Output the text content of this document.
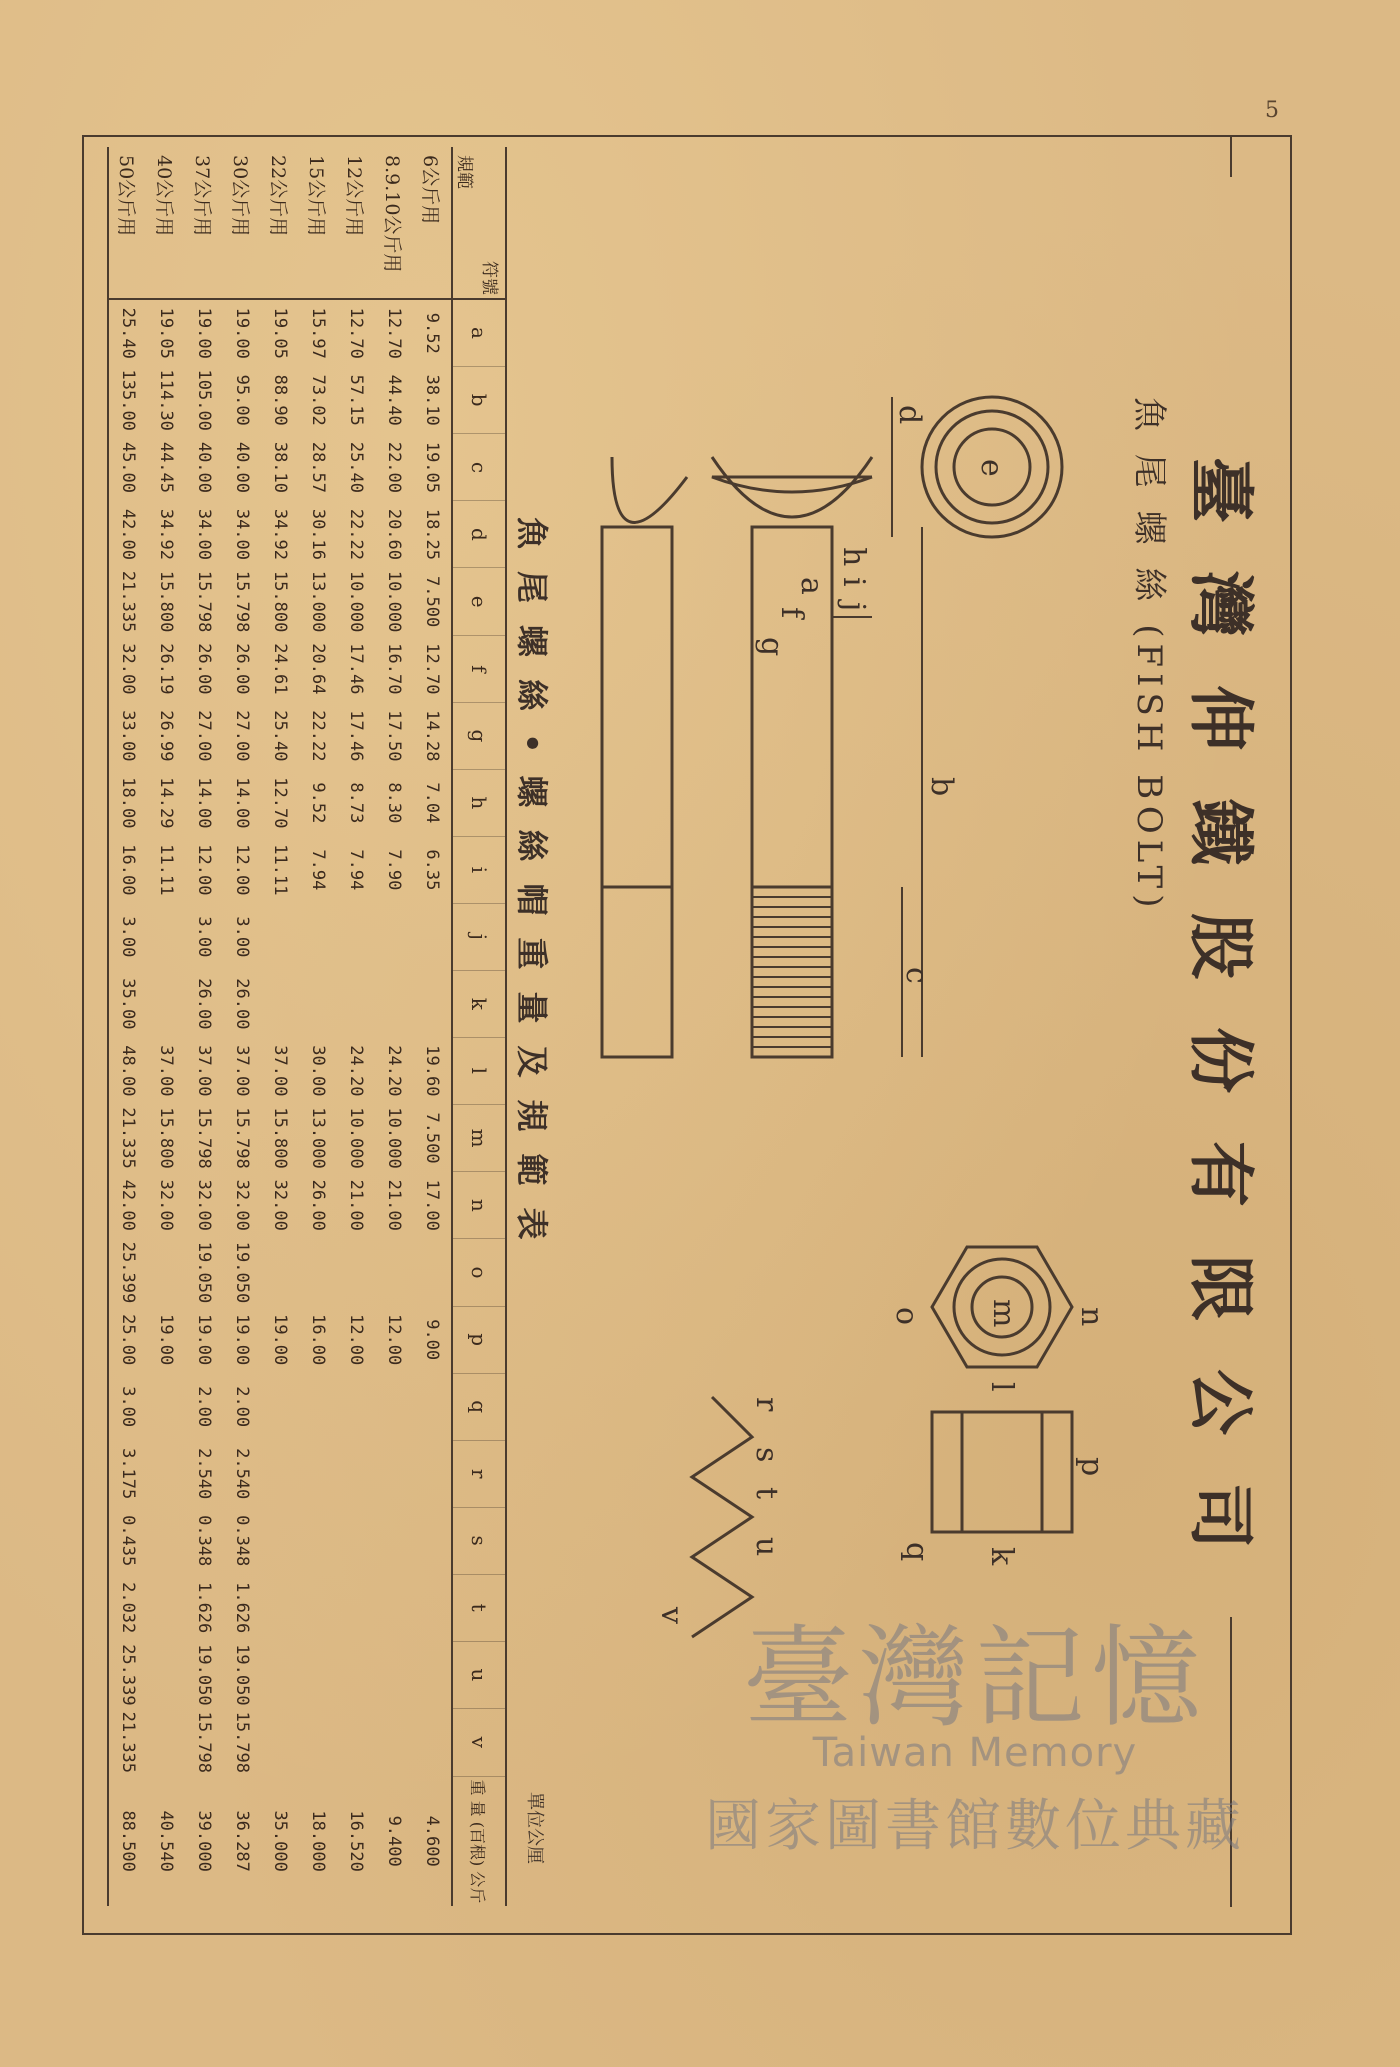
5
臺灣伸鐵股份有限公司
魚 尾 螺 絲 (FISH BOLT)
e
d
h
i
j
a
f
g
b
c
n
p
m
l
k
o
q
r
s
t
u
v
魚尾螺絲•螺絲帽重量及規範表
單位公厘
符號
規範	a	b	c	d	e	f	g	h	i	j	k	l	m	n	o	p	q	r	s	t	u	v	重 量 (百根) 公斤
6公斤用	9.52	38.10	19.05	18.25	7.500	12.70	14.28	7.04	6.35			19.60	7.500	17.00		9.00							4.600
8.9.10公斤用	12.70	44.40	22.00	20.60	10.000	16.70	17.50	8.30	7.90			24.20	10.000	21.00		12.00							9.400
12公斤用	12.70	57.15	25.40	22.22	10.000	17.46	17.46	8.73	7.94			24.20	10.000	21.00		12.00							16.520
15公斤用	15.97	73.02	28.57	30.16	13.000	20.64	22.22	9.52	7.94			30.00	13.000	26.00		16.00							18.000
22公斤用	19.05	88.90	38.10	34.92	15.800	24.61	25.40	12.70	11.11			37.00	15.800	32.00		19.00							35.000
30公斤用	19.00	95.00	40.00	34.00	15.798	26.00	27.00	14.00	12.00	3.00	26.00	37.00	15.798	32.00	19.050	19.00	2.00	2.540	0.348	1.626	19.050	15.798	36.287
37公斤用	19.00	105.00	40.00	34.00	15.798	26.00	27.00	14.00	12.00	3.00	26.00	37.00	15.798	32.00	19.050	19.00	2.00	2.540	0.348	1.626	19.050	15.798	39.000
40公斤用	19.05	114.30	44.45	34.92	15.800	26.19	26.99	14.29	11.11			37.00	15.800	32.00		19.00							40.540
50公斤用	25.40	135.00	45.00	42.00	21.335	32.00	33.00	18.00	16.00	3.00	35.00	48.00	21.335	42.00	25.399	25.00	3.00	3.175	0.435	2.032	25.339	21.335	88.500
臺灣記憶
Taiwan Memory
國家圖書館數位典藏
